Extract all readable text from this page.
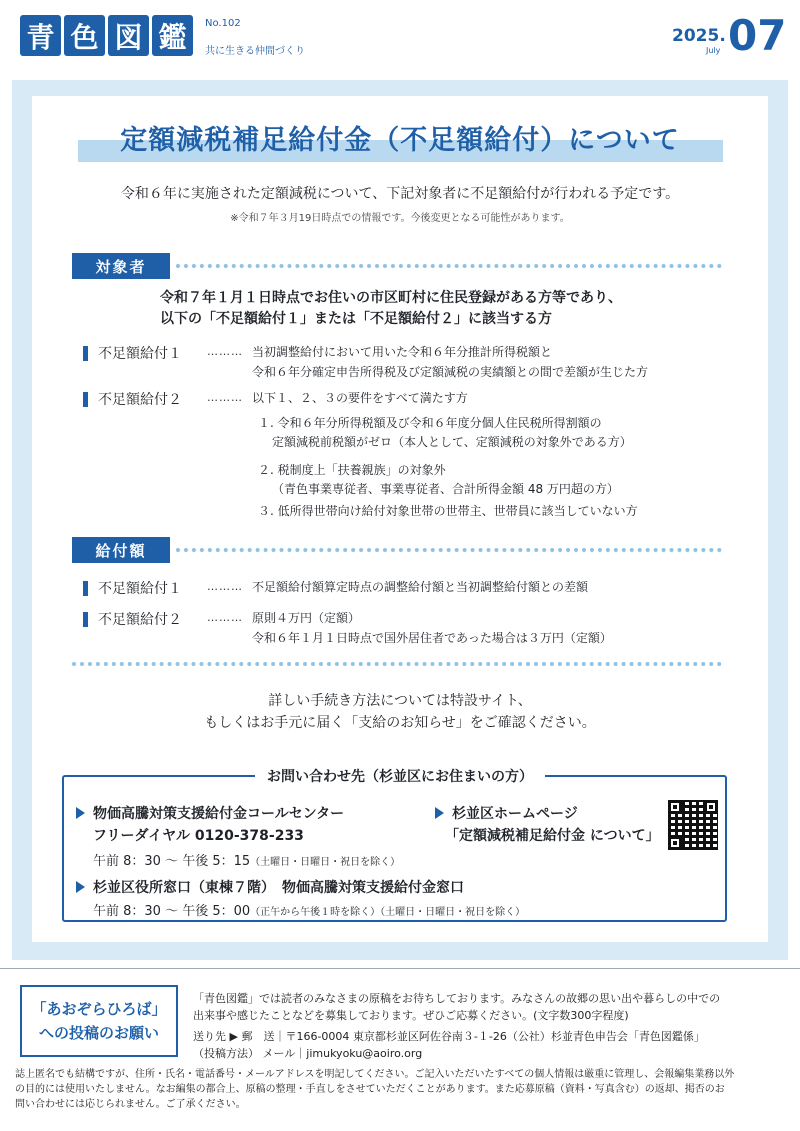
青 色 図 鑑	No.102
共に生きる仲間づくり
2025.
July 07
定額減税補足給付金（不足額給付）について
令和６年に実施された定額減税について、下記対象者に不足額給付が行われる予定です。
※令和７年３月19日時点での情報です。今後変更となる可能性があります。
対象者
令和７年１月１日時点でお住いの市区町村に住民登録がある方等であり、
以下の「不足額給付１」または「不足額給付２」に該当する方
不足額給付１ ……… 当初調整給付において用いた令和６年分推計所得税額と
令和６年分確定申告所得税及び定額減税の実績額との間で差額が生じた方
不足額給付２ ……… 以下１、２、３の要件をすべて満たす方
１. 令和６年分所得税額及び令和６年度分個人住民税所得割額の
定額減税前税額がゼロ（本人として、定額減税の対象外である方）
２. 税制度上「扶養親族」の対象外
（青色事業専従者、事業専従者、合計所得金額 48 万円超の方）
３. 低所得世帯向け給付対象世帯の世帯主、世帯員に該当していない方
給付額
不足額給付１ ……… 不足額給付額算定時点の調整給付額と当初調整給付額との差額
不足額給付２ ……… 原則４万円（定額）
令和６年１月１日時点で国外居住者であった場合は３万円（定額）
詳しい手続き方法については特設サイト、
もしくはお手元に届く「支給のお知らせ」をご確認ください。
お問い合わせ先（杉並区にお住まいの方）
物価高騰対策支援給付金コールセンター
フリーダイヤル 0120-378-233
午前 8：30 ～ 午後 5：15（土曜日・日曜日・祝日を除く）
杉並区ホームページ
「定額減税補足給付金 について」
杉並区役所窓口（東棟７階）　物価高騰対策支援給付金窓口
午前 8：30 ～ 午後 5：00（正午から午後１時を除く）（土曜日・日曜日・祝日を除く）
「あおぞらひろば」
への投稿のお願い
「青色図鑑」では読者のみなさまの原稿をお待ちしております。みなさんの故郷の思い出や暮らしの中での
出来事や感じたことなどを募集しております。ぜひご応募ください。(文字数300字程度)
送り先 ▶ 郵　送｜〒166-0004 東京都杉並区阿佐谷南３-１-26（公社）杉並青色申告会「青色図鑑係」
（投稿方法） メール｜jimukyoku@aoiro.org
誌上匿名でも結構ですが、住所・氏名・電話番号・メールアドレスを明記してください。ご記入いただいたすべての個人情報は厳重に管理し、会報編集業務以外
の目的には使用いたしません。なお編集の都合上、原稿の整理・手直しをさせていただくことがあります。また応募原稿（資料・写真含む）の返却、掲否のお
問い合わせには応じられません。ご了承ください。
